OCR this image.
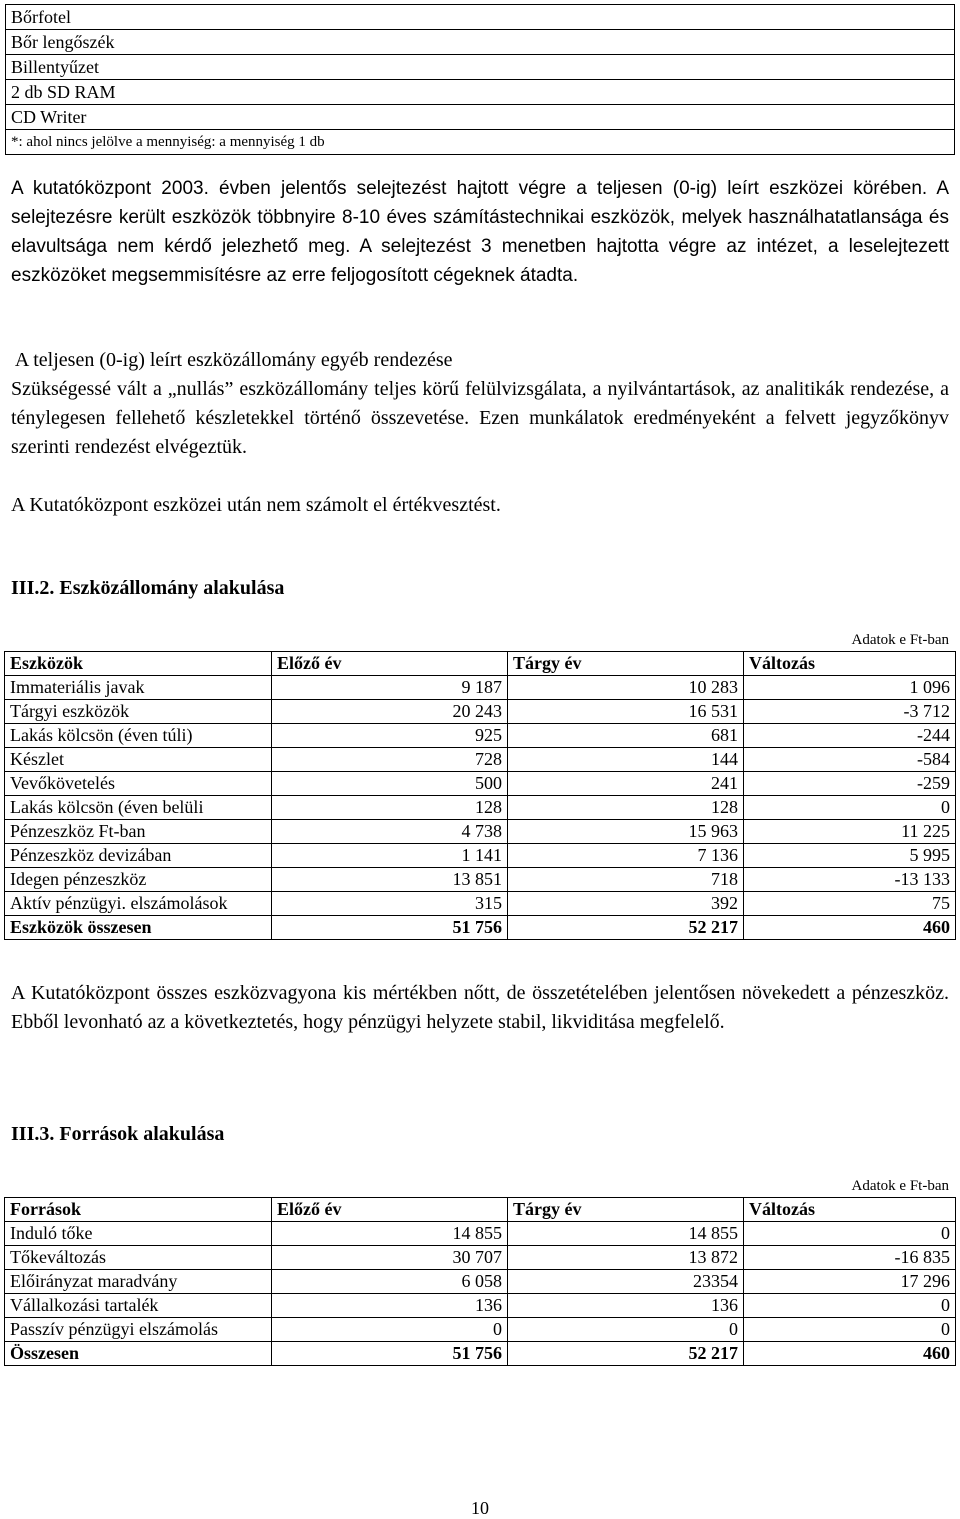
Bőrfotel
Bőr lengőszék
Billentyűzet
2 db SD RAM
CD Writer
*: ahol nincs jelölve a mennyiség: a mennyiség 1 db

A kutatóközpont 2003. évben jelentős selejtezést hajtott végre a teljesen (0-ig) leírt eszközei körében. A selejtezésre került eszközök többnyire 8-10 éves számítástechnikai eszközök, melyek használhatatlansága és elavultsága nem kérdő jelezhető meg. A selejtezést 3 menetben hajtotta végre az intézet, a leselejtezett eszközöket megsemmisítésre az erre feljogosított cégeknek átadta.

A teljesen (0-ig) leírt eszközállomány egyéb rendezése

Szükségessé vált a „nullás” eszközállomány teljes körű felülvizsgálata, a nyilvántartások, az analitikák rendezése, a ténylegesen fellehető készletekkel történő összevetése. Ezen munkálatok eredményeként a felvett jegyzőkönyv szerinti rendezést elvégeztük.

A Kutatóközpont eszközei után nem számolt el értékvesztést.

III.2. Eszközállomány alakulása

Adatok e Ft-ban
Eszközök	Előző év	Tárgy év	Változás
Immateriális javak	9 187	10 283	1 096
Tárgyi eszközök	20 243	16 531	-3 712
Lakás kölcsön (éven túli)	925	681	-244
Készlet	728	144	-584
Vevőkövetelés	500	241	-259
Lakás kölcsön (éven belüli	128	128	0
Pénzeszköz Ft-ban	4 738	15 963	11 225
Pénzeszköz devizában	1 141	7 136	5 995
Idegen pénzeszköz	13 851	718	-13 133
Aktív pénzügyi. elszámolások	315	392	75
Eszközök összesen	51 756	52 217	460

A Kutatóközpont összes eszközvagyona kis mértékben nőtt, de összetételében jelentősen növekedett a pénzeszköz. Ebből levonható az a következtetés, hogy pénzügyi helyzete stabil, likviditása megfelelő.

III.3. Források alakulása

Adatok e Ft-ban
Források	Előző év	Tárgy év	Változás
Induló tőke	14 855	14 855	0
Tőkeváltozás	30 707	13 872	-16 835
Előirányzat maradvány	6 058	23354	17 296
Vállalkozási tartalék	136	136	0
Passzív pénzügyi elszámolás	0	0	0
Összesen	51 756	52 217	460
10
